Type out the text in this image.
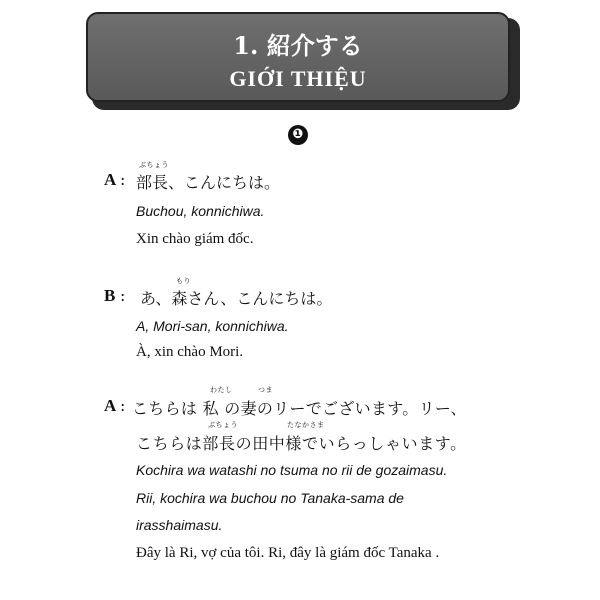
1. 紹介する
GIỚI THIỆU
❶
A :
ぶちょう
部長、こんにちは。
Buchou, konnichiwa.
Xin chào giám đốc.
B :
もり
あ、森さん、こんにちは。
A, Mori-san, konnichiwa.
À, xin chào Mori.
A :
わたし	つま
こちらは 私 の妻のリーでございます。リー、
ぶちょう	たなかさま
こちらは部長の田中様でいらっしゃいます。
Kochira wa watashi no tsuma no rii de gozaimasu.
Rii, kochira wa buchou no Tanaka-sama de
irasshaimasu.
Đây là Ri, vợ của tôi. Ri, đây là giám đốc Tanaka .
